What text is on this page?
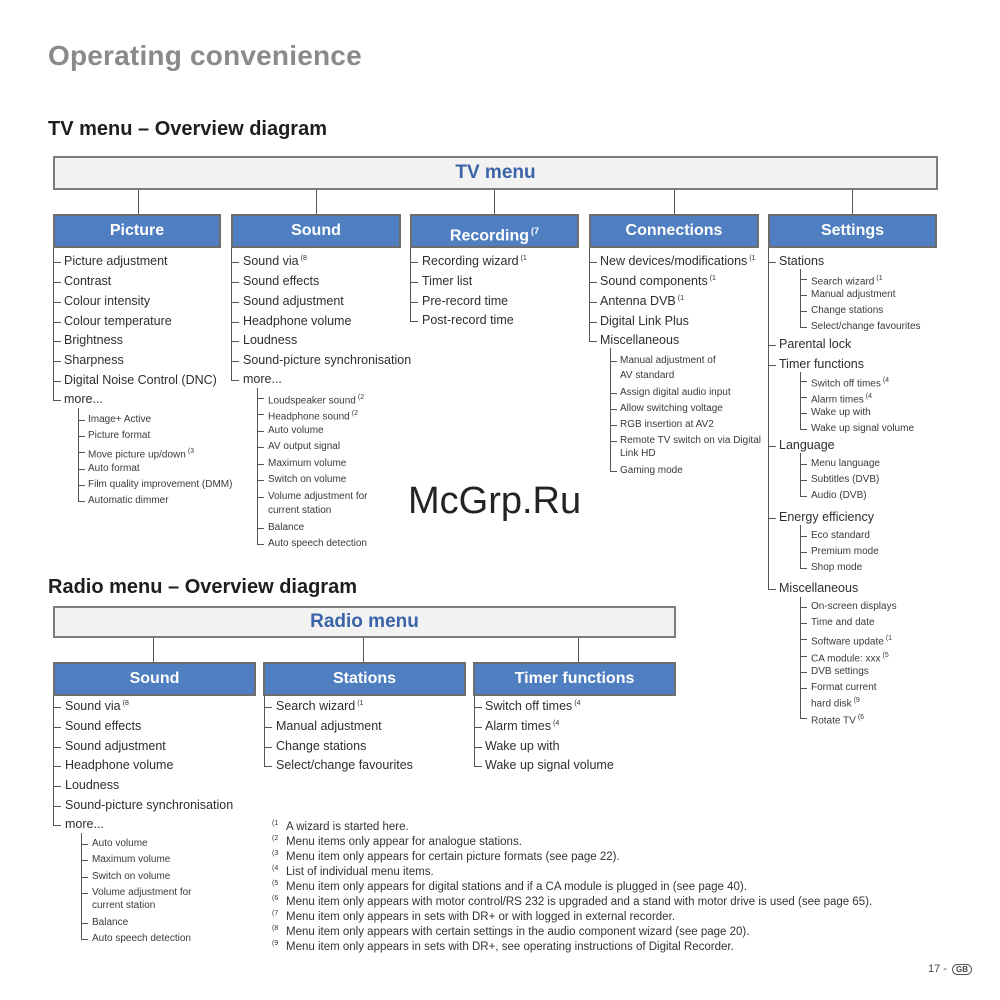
Operating convenience
TV menu – Overview diagram
TV menu
Picture	Sound	Recording $^{(7}$	Connections	Settings
Picture adjustment
Contrast
Colour intensity
Colour temperature
Brightness
Sharpness
Digital Noise Control (DNC)
more...
Image+ Active
Picture format
Move picture up/down $^{(3}$
Auto format
Film quality improvement (DMM)
Automatic dimmer
Sound via $^{(8}$
Sound effects
Sound adjustment
Headphone volume
Loudness
Sound-picture synchronisation
more...
Loudspeaker sound $^{(2}$
Headphone sound $^{(2}$
Auto volume
AV output signal
Maximum volume
Switch on volume
Volume adjustment for
current station
Balance
Auto speech detection
Recording wizard $^{(1}$
Timer list
Pre-record time
Post-record time
New devices/modifications $^{(1}$
Sound components $^{(1}$
Antenna DVB $^{(1}$
Digital Link Plus
Miscellaneous
Manual adjustment of
AV standard
Assign digital audio input
Allow switching voltage
RGB insertion at AV2
Remote TV switch on via Digital
Link HD
Gaming mode
Stations
Search wizard $^{(1}$
Manual adjustment
Change stations
Select/change favourites
Parental lock
Timer functions
Switch off times $^{(4}$
Alarm times $^{(4}$
Wake up with
Wake up signal volume
Language
Menu language
Subtitles (DVB)
Audio (DVB)
Energy efficiency
Eco standard
Premium mode
Shop mode
Miscellaneous
On-screen displays
Time and date
Software update $^{(1}$
CA module: xxx $^{(5}$
DVB settings
Format current
hard disk $^{(9}$
Rotate TV $^{(6}$
McGrp.Ru
Radio menu – Overview diagram
Radio menu
Sound	Stations	Timer functions
Sound via $^{(8}$
Sound effects
Sound adjustment
Headphone volume
Loudness
Sound-picture synchronisation
more...
Auto volume
Maximum volume
Switch on volume
Volume adjustment for
current station
Balance
Auto speech detection
Search wizard $^{(1}$
Manual adjustment
Change stations
Select/change favourites
Switch off times $^{(4}$
Alarm times $^{(4}$
Wake up with
Wake up signal volume
(1 A wizard is started here.
(2 Menu items only appear for analogue stations.
(3 Menu item only appears for certain picture formats (see page 22).
(4 List of individual menu items.
(5 Menu item only appears for digital stations and if a CA module is plugged in (see page 40).
(6 Menu item only appears with motor control/RS 232 is upgraded and a stand with motor drive is used (see page 65).
(7 Menu item only appears in sets with DR+ or with logged in external recorder.
(8 Menu item only appears with certain settings in the audio component wizard (see page 20).
(9 Menu item only appears in sets with DR+, see operating instructions of Digital Recorder.
17 - GB
